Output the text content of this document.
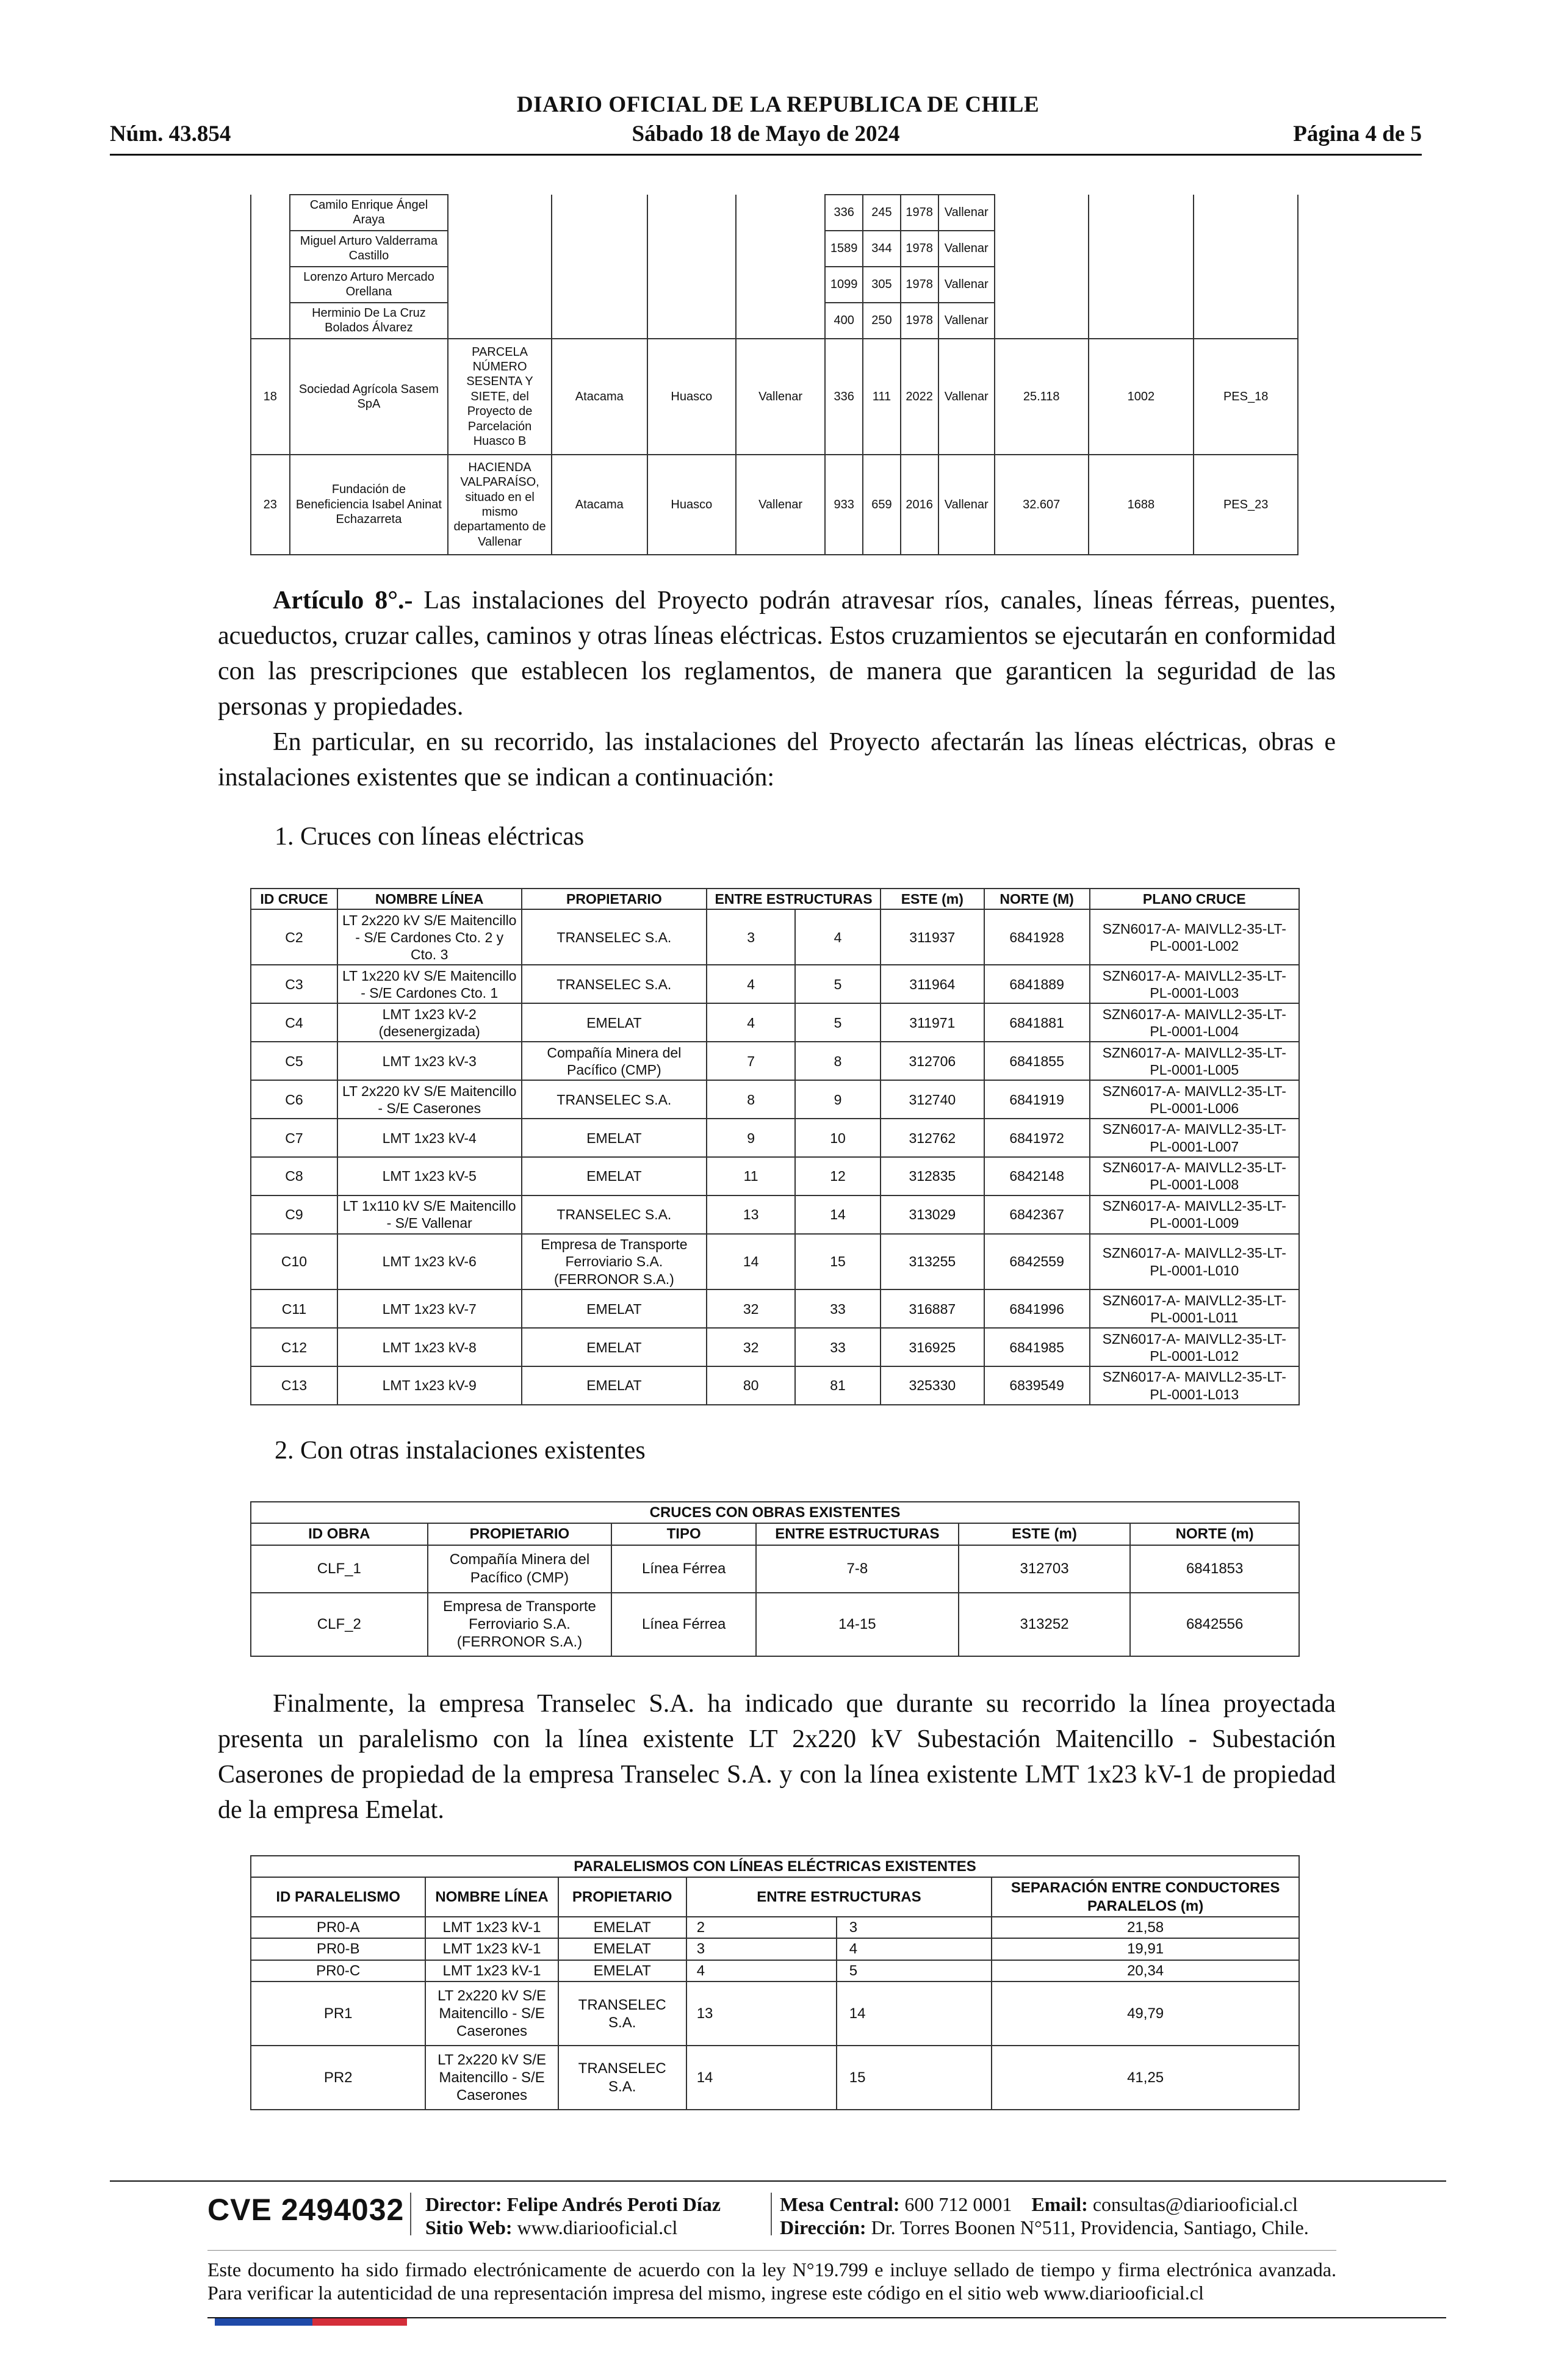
DIARIO OFICIAL DE LA REPUBLICA DE CHILE
Núm. 43.854	Sábado 18 de Mayo de 2024	Página 4 de 5
	Camilo Enrique Ángel Araya					336	245	1978	Vallenar			
	Miguel Arturo Valderrama Castillo					1589	344	1978	Vallenar			
	Lorenzo Arturo Mercado Orellana					1099	305	1978	Vallenar			
	Herminio De La Cruz Bolados Álvarez					400	250	1978	Vallenar			
18	Sociedad Agrícola Sasem SpA	PARCELA NÚMERO SESENTA Y SIETE, del Proyecto de Parcelación Huasco B	Atacama	Huasco	Vallenar	336	111	2022	Vallenar	25.118	1002	PES_18
23	Fundación de Beneficiencia Isabel Aninat Echazarreta	HACIENDA VALPARAÍSO, situado en el mismo departamento de Vallenar	Atacama	Huasco	Vallenar	933	659	2016	Vallenar	32.607	1688	PES_23
Artículo 8°.- Las instalaciones del Proyecto podrán atravesar ríos, canales, líneas férreas, puentes, acueductos, cruzar calles, caminos y otras líneas eléctricas. Estos cruzamientos se ejecutarán en conformidad con las prescripciones que establecen los reglamentos, de manera que garanticen la seguridad de las personas y propiedades.
En particular, en su recorrido, las instalaciones del Proyecto afectarán las líneas eléctricas, obras e instalaciones existentes que se indican a continuación:
1. Cruces con líneas eléctricas
ID CRUCE	NOMBRE LÍNEA	PROPIETARIO	ENTRE ESTRUCTURAS		ESTE (m)	NORTE (M)	PLANO CRUCE
C2	LT 2x220 kV S/E Maitencillo - S/E Cardones Cto. 2 y Cto. 3	TRANSELEC S.A.	3	4	311937	6841928	SZN6017-A- MAIVLL2-35-LT- PL-0001-L002
C3	LT 1x220 kV S/E Maitencillo - S/E Cardones Cto. 1	TRANSELEC S.A.	4	5	311964	6841889	SZN6017-A- MAIVLL2-35-LT- PL-0001-L003
C4	LMT 1x23 kV-2 (desenergizada)	EMELAT	4	5	311971	6841881	SZN6017-A- MAIVLL2-35-LT- PL-0001-L004
C5	LMT 1x23 kV-3	Compañía Minera del Pacífico (CMP)	7	8	312706	6841855	SZN6017-A- MAIVLL2-35-LT- PL-0001-L005
C6	LT 2x220 kV S/E Maitencillo - S/E Caserones	TRANSELEC S.A.	8	9	312740	6841919	SZN6017-A- MAIVLL2-35-LT- PL-0001-L006
C7	LMT 1x23 kV-4	EMELAT	9	10	312762	6841972	SZN6017-A- MAIVLL2-35-LT- PL-0001-L007
C8	LMT 1x23 kV-5	EMELAT	11	12	312835	6842148	SZN6017-A- MAIVLL2-35-LT- PL-0001-L008
C9	LT 1x110 kV S/E Maitencillo - S/E Vallenar	TRANSELEC S.A.	13	14	313029	6842367	SZN6017-A- MAIVLL2-35-LT- PL-0001-L009
C10	LMT 1x23 kV-6	Empresa de Transporte Ferroviario S.A. (FERRONOR S.A.)	14	15	313255	6842559	SZN6017-A- MAIVLL2-35-LT- PL-0001-L010
C11	LMT 1x23 kV-7	EMELAT	32	33	316887	6841996	SZN6017-A- MAIVLL2-35-LT- PL-0001-L011
C12	LMT 1x23 kV-8	EMELAT	32	33	316925	6841985	SZN6017-A- MAIVLL2-35-LT-PL-0001-L012
C13	LMT 1x23 kV-9	EMELAT	80	81	325330	6839549	SZN6017-A- MAIVLL2-35-LT- PL-0001-L013
2. Con otras instalaciones existentes
CRUCES CON OBRAS EXISTENTES					
ID OBRA	PROPIETARIO	TIPO	ENTRE ESTRUCTURAS	ESTE (m)	NORTE (m)
CLF_1	Compañía Minera del Pacífico (CMP)	Línea Férrea	7-8	312703	6841853
CLF_2	Empresa de Transporte Ferroviario S.A. (FERRONOR S.A.)	Línea Férrea	14-15	313252	6842556
Finalmente, la empresa Transelec S.A. ha indicado que durante su recorrido la línea proyectada presenta un paralelismo con la línea existente LT 2x220 kV Subestación Maitencillo - Subestación Caserones de propiedad de la empresa Transelec S.A. y con la línea existente LMT 1x23 kV-1 de propiedad de la empresa Emelat.
PARALELISMOS CON LÍNEAS ELÉCTRICAS EXISTENTES					
ID PARALELISMO	NOMBRE LÍNEA	PROPIETARIO	ENTRE ESTRUCTURAS		SEPARACIÓN ENTRE CONDUCTORES PARALELOS (m)
PR0-A	LMT 1x23 kV-1	EMELAT	2	3	21,58
PR0-B	LMT 1x23 kV-1	EMELAT	3	4	19,91
PR0-C	LMT 1x23 kV-1	EMELAT	4	5	20,34
PR1	LT 2x220 kV S/E Maitencillo - S/E Caserones	TRANSELEC S.A.	13	14	49,79
PR2	LT 2x220 kV S/E Maitencillo - S/E Caserones	TRANSELEC S.A.	14	15	41,25
CVE 2494032 Director: Felipe Andrés Peroti Díaz
Sitio Web: www.diariooficial.cl
Mesa Central: 600 712 0001 Email: consultas@diariooficial.cl
Dirección: Dr. Torres Boonen N°511, Providencia, Santiago, Chile.
Este documento ha sido firmado electrónicamente de acuerdo con la ley N°19.799 e incluye sellado de tiempo y firma electrónica avanzada. Para verificar la autenticidad de una representación impresa del mismo, ingrese este código en el sitio web www.diariooficial.cl
